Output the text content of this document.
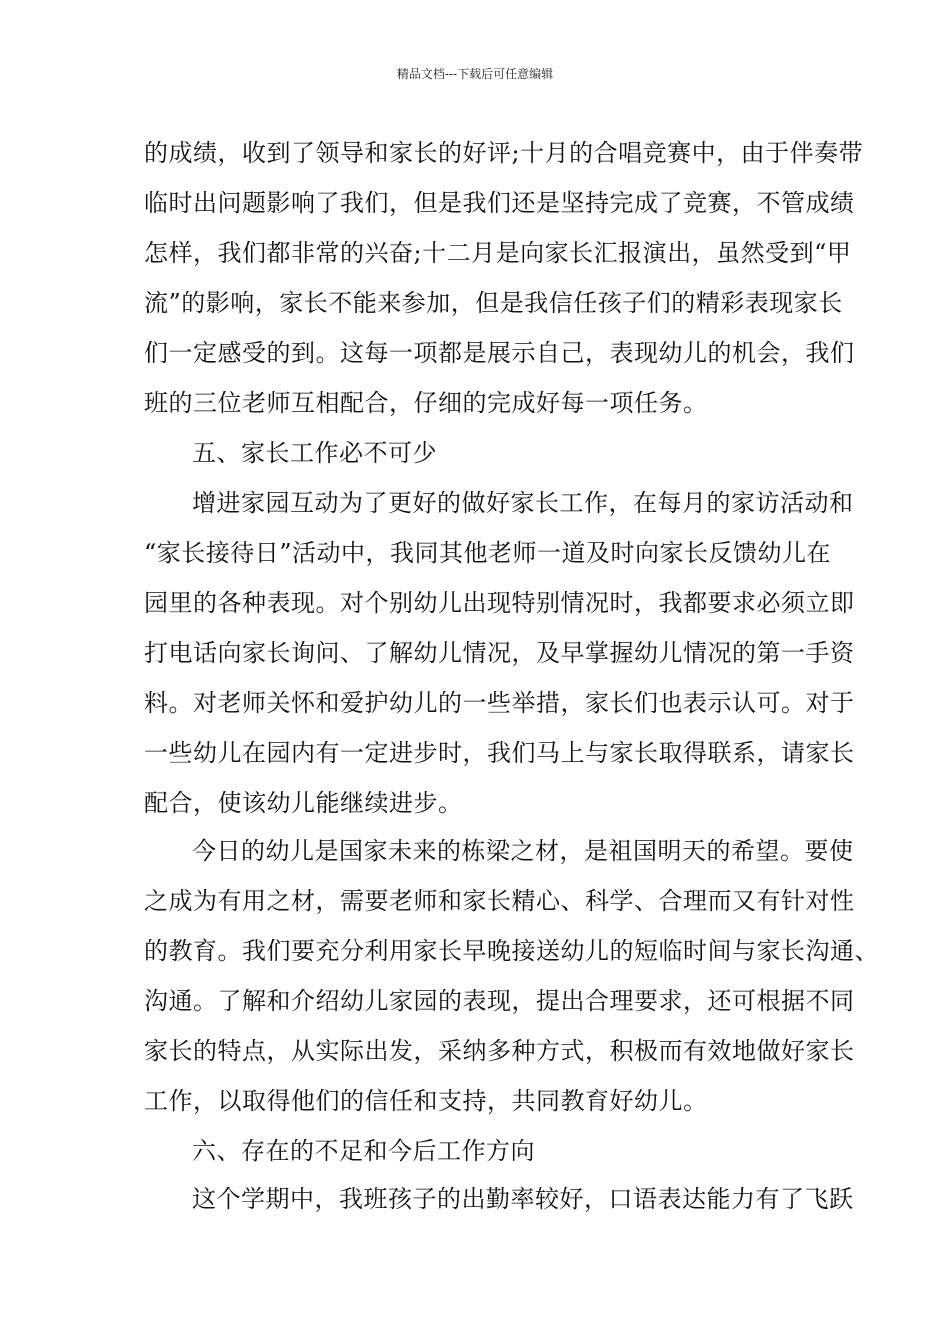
精品文档---下载后可任意编辑
的成绩，收到了领导和家长的好评;十月的合唱竞赛中，由于伴奏带
临时出问题影响了我们，但是我们还是坚持完成了竞赛，不管成绩
怎样，我们都非常的兴奋;十二月是向家长汇报演出，虽然受到“甲
流”的影响，家长不能来参加，但是我信任孩子们的精彩表现家长
们一定感受的到。这每一项都是展示自己，表现幼儿的机会，我们
班的三位老师互相配合，仔细的完成好每一项任务。
五、家长工作必不可少
增进家园互动为了更好的做好家长工作，在每月的家访活动和
“家长接待日”活动中，我同其他老师一道及时向家长反馈幼儿在
园里的各种表现。对个别幼儿出现特别情况时，我都要求必须立即
打电话向家长询问、了解幼儿情况，及早掌握幼儿情况的第一手资
料。对老师关怀和爱护幼儿的一些举措，家长们也表示认可。对于
一些幼儿在园内有一定进步时，我们马上与家长取得联系，请家长
配合，使该幼儿能继续进步。
今日的幼儿是国家未来的栋梁之材，是祖国明天的希望。要使
之成为有用之材，需要老师和家长精心、科学、合理而又有针对性
的教育。我们要充分利用家长早晚接送幼儿的短临时间与家长沟通、
沟通。了解和介绍幼儿家园的表现，提出合理要求，还可根据不同
家长的特点，从实际出发，采纳多种方式，积极而有效地做好家长
工作，以取得他们的信任和支持，共同教育好幼儿。
六、存在的不足和今后工作方向
这个学期中，我班孩子的出勤率较好，口语表达能力有了飞跃
